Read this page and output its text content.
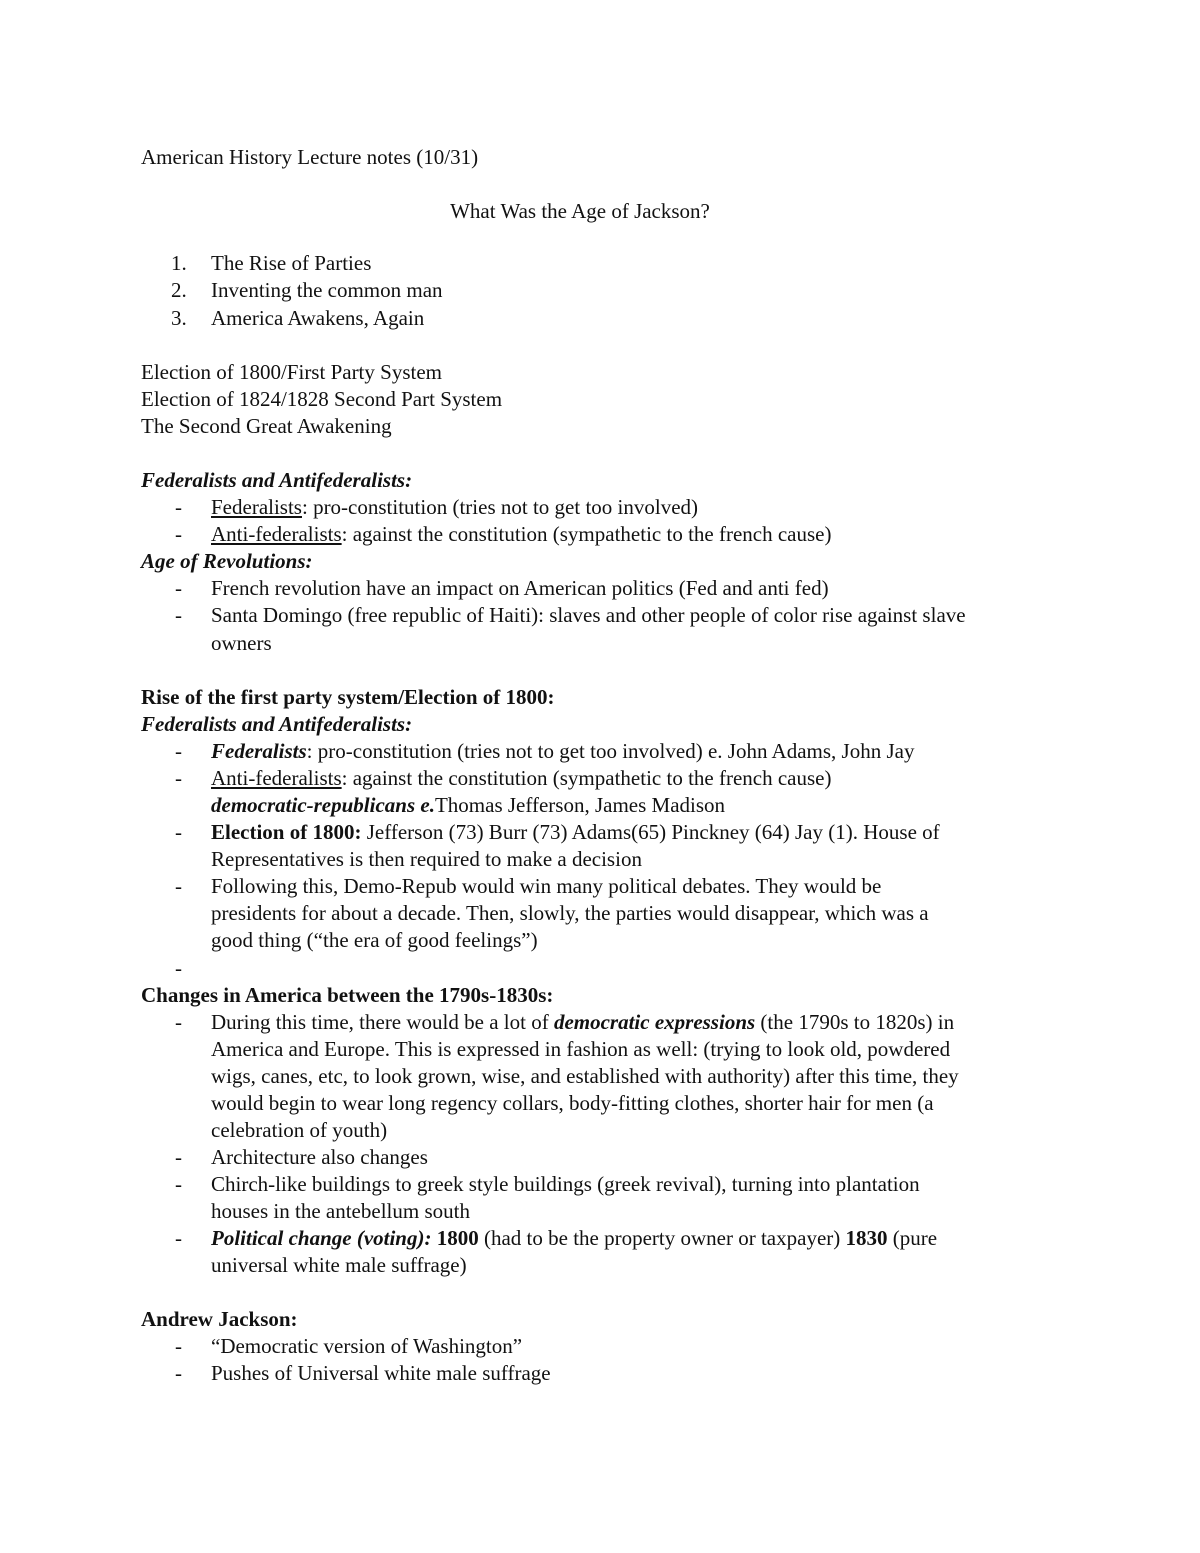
American History Lecture notes (10/31)
What Was the Age of Jackson?
1. The Rise of Parties
2. Inventing the common man
3. America Awakens, Again
Election of 1800/First Party System
Election of 1824/1828 Second Part System
The Second Great Awakening
Federalists and Antifederalists:
- Federalists: pro-constitution (tries not to get too involved)
- Anti-federalists: against the constitution (sympathetic to the french cause)
Age of Revolutions:
- French revolution have an impact on American politics (Fed and anti fed)
- Santa Domingo (free republic of Haiti): slaves and other people of color rise against slave
owners
Rise of the first party system/Election of 1800:
Federalists and Antifederalists:
- Federalists: pro-constitution (tries not to get too involved) e. John Adams, John Jay
- Anti-federalists: against the constitution (sympathetic to the french cause)
democratic-republicans e.Thomas Jefferson, James Madison
- Election of 1800: Jefferson (73) Burr (73) Adams(65) Pinckney (64) Jay (1). House of
Representatives is then required to make a decision
- Following this, Demo-Repub would win many political debates. They would be
presidents for about a decade. Then, slowly, the parties would disappear, which was a
good thing (“the era of good feelings”)
-
Changes in America between the 1790s-1830s:
- During this time, there would be a lot of democratic expressions (the 1790s to 1820s) in
America and Europe. This is expressed in fashion as well: (trying to look old, powdered
wigs, canes, etc, to look grown, wise, and established with authority) after this time, they
would begin to wear long regency collars, body-fitting clothes, shorter hair for men (a
celebration of youth)
- Architecture also changes
- Chirch-like buildings to greek style buildings (greek revival), turning into plantation
houses in the antebellum south
- Political change (voting): 1800 (had to be the property owner or taxpayer) 1830 (pure
universal white male suffrage)
Andrew Jackson:
- “Democratic version of Washington”
- Pushes of Universal white male suffrage
